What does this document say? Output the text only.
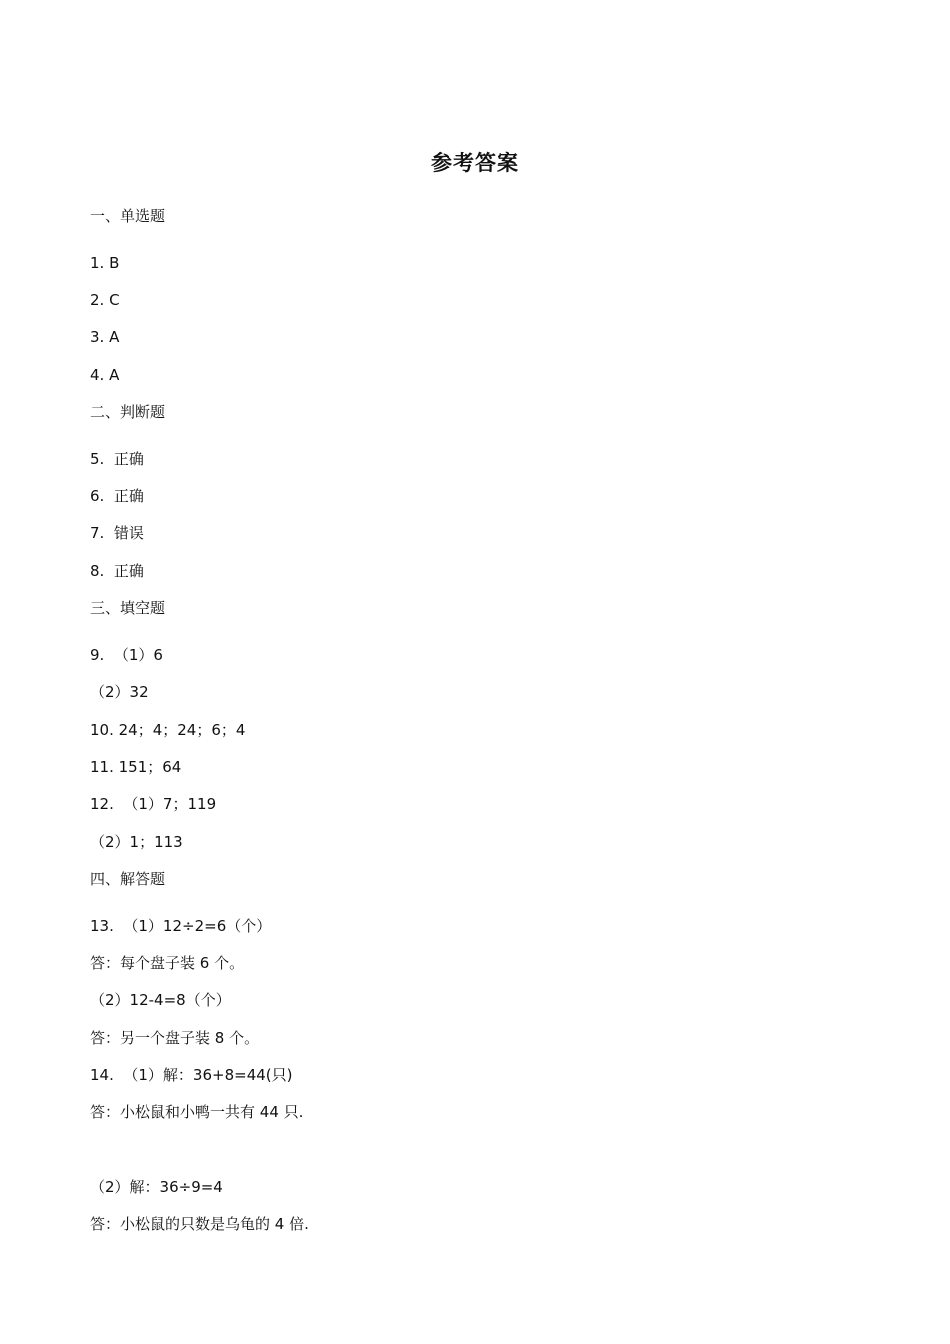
参考答案
一、单选题
1. B
2. C
3. A
4. A
二、判断题
5.  正确
6.  正确
7.  错误
8.  正确
三、填空题
9.  （1）6
（2）32
10. 24；4；24；6；4
11. 151；64
12.  （1）7；119
（2）1；113
四、解答题
13.  （1）12÷2=6（个）
答：每个盘子装 6 个。
（2）12-4=8（个）
答：另一个盘子装 8 个。
14.  （1）解：36+8=44(只)
答：小松鼠和小鸭一共有 44 只.
（2）解：36÷9=4
答：小松鼠的只数是乌龟的 4 倍.
